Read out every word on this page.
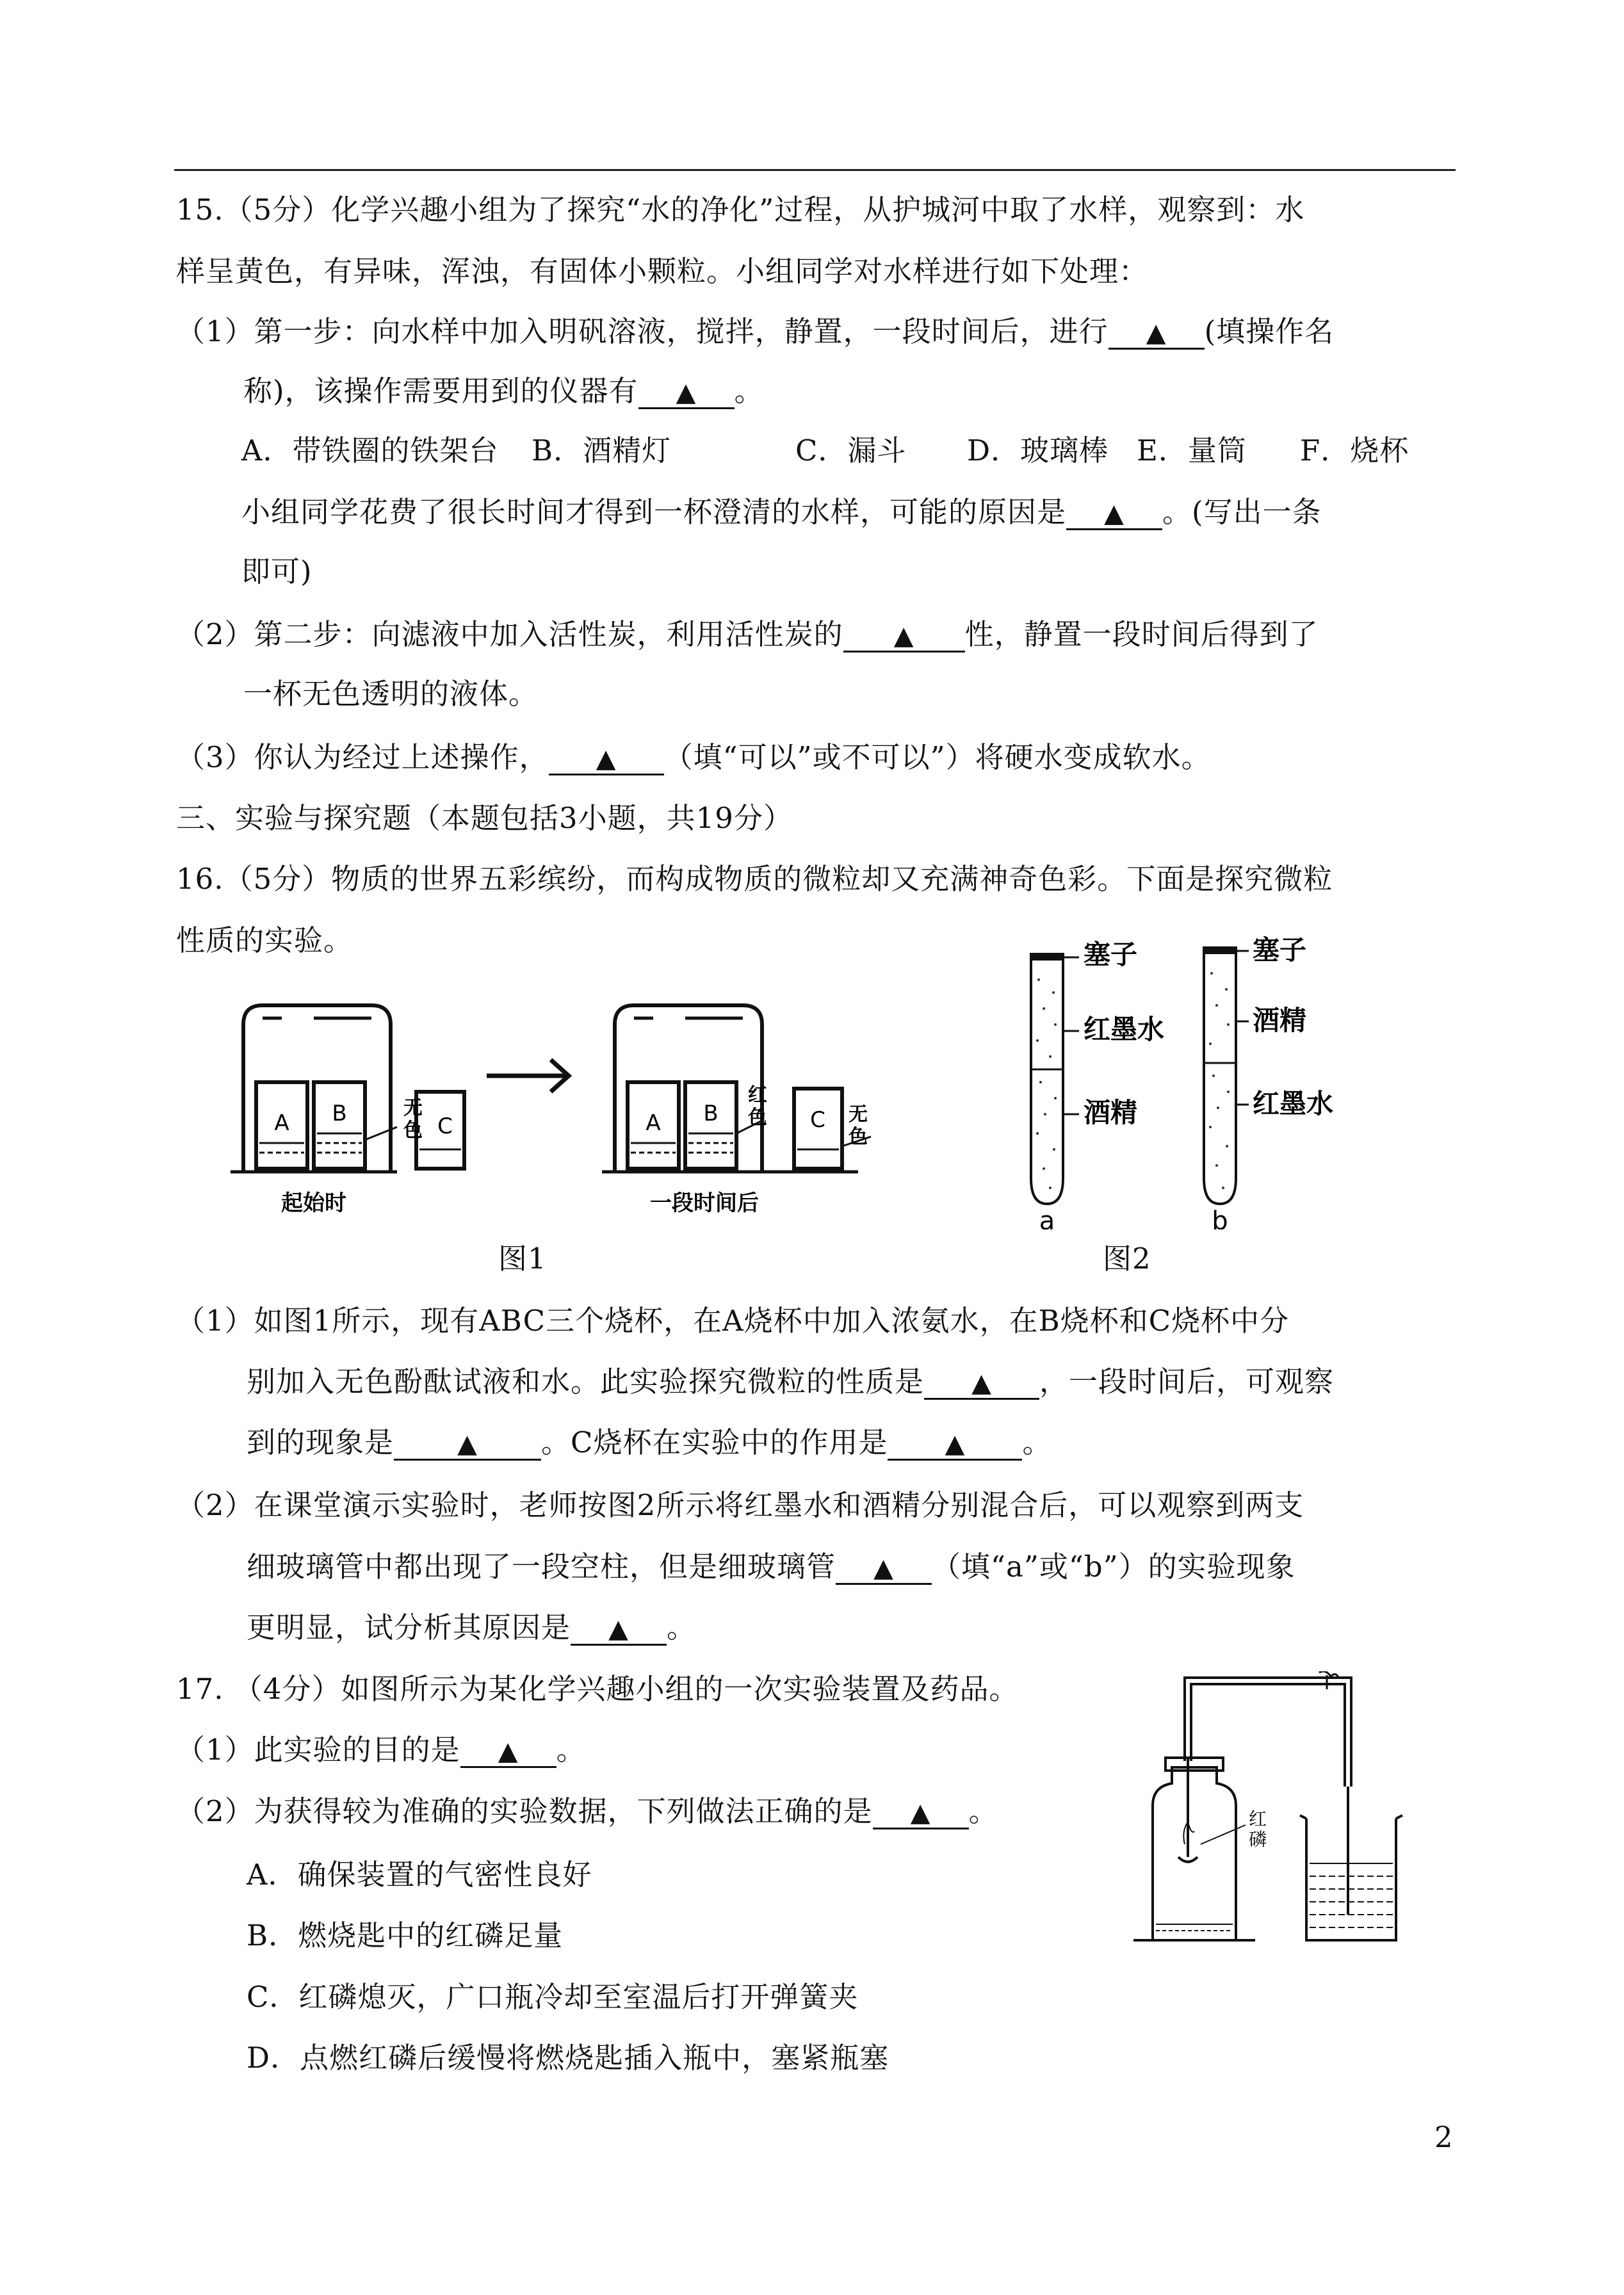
15.（5分）化学兴趣小组为了探究“水的净化”过程，从护城河中取了水样，观察到：水
样呈黄色，有异味，浑浊，有固体小颗粒。小组同学对水样进行如下处理：
（1）第一步：向水样中加入明矾溶液，搅拌，静置，一段时间后，进行 ▲ (填操作名
称)，该操作需要用到的仪器有 ▲ 。
A．带铁圈的铁架台 B．酒精灯	C．漏斗 D．玻璃棒 E．量筒 F．烧杯
小组同学花费了很长时间才得到一杯澄清的水样，可能的原因是 ▲ 。(写出一条
即可)
（2）第二步：向滤液中加入活性炭，利用活性炭的 ▲ 性，静置一段时间后得到了
一杯无色透明的液体。
（3）你认为经过上述操作， ▲ （填“可以”或不可以”）将硬水变成软水。
三、实验与探究题（本题包括3小题，共19分）
16.（5分）物质的世界五彩缤纷，而构成物质的微粒却又充满神奇色彩。下面是探究微粒
性质的实验。
A B	C
无
色
起始时
A B	C
红
色	无
色
一段时间后
塞子
红墨水
酒精
a
塞子
酒精
红墨水
b
图1	图2
（1）如图1所示，现有ABC三个烧杯，在A烧杯中加入浓氨水，在B烧杯和C烧杯中分
别加入无色酚酞试液和水。此实验探究微粒的性质是 ▲ ，一段时间后，可观察
到的现象是 ▲ 。C烧杯在实验中的作用是 ▲ 。
（2）在课堂演示实验时，老师按图2所示将红墨水和酒精分别混合后，可以观察到两支
细玻璃管中都出现了一段空柱，但是细玻璃管 ▲ （填“a”或“b”）的实验现象
更明显，试分析其原因是 ▲ 。
17. （4分）如图所示为某化学兴趣小组的一次实验装置及药品。
（1）此实验的目的是 ▲ 。
（2）为获得较为准确的实验数据，下列做法正确的是 ▲ 。
A．确保装置的气密性良好
B．燃烧匙中的红磷足量
C．红磷熄灭，广口瓶冷却至室温后打开弹簧夹
D．点燃红磷后缓慢将燃烧匙插入瓶中，塞紧瓶塞
红
磷
2
